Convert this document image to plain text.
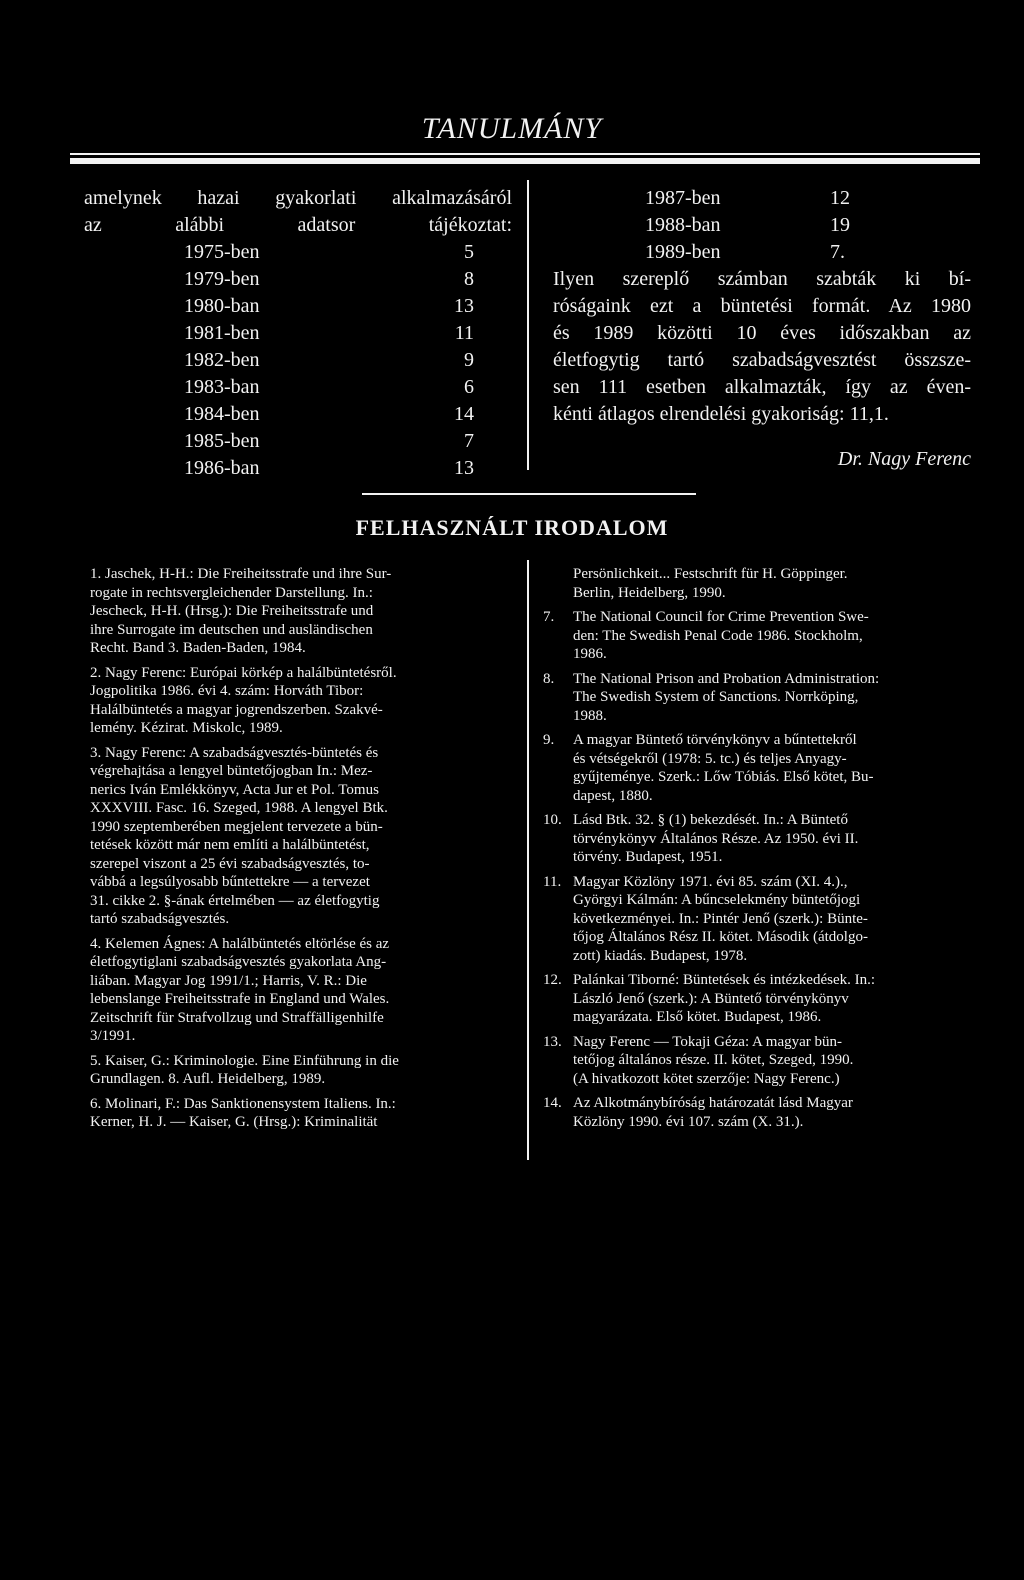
TANULMÁNY
amelynek hazai gyakorlati alkalmazásáról
az alábbi adatsor tájékoztat:
1975-ben	5
1979-ben	8
1980-ban	13
1981-ben	11
1982-ben	9
1983-ban	6
1984-ben	14
1985-ben	7
1986-ban	13
1987-ben	12
1988-ban	19
1989-ben	7.
Ilyen szereplő számban szabták ki bí-
róságaink ezt a büntetési formát. Az 1980
és 1989 közötti 10 éves időszakban az
életfogytig tartó szabadságvesztést összsze-
sen 111 esetben alkalmazták, így az éven-
kénti átlagos elrendelési gyakoriság: 11,1.
Dr. Nagy Ferenc
FELHASZNÁLT IRODALOM
1. Jaschek, H-H.: Die Freiheitsstrafe und ihre Sur-
rogate in rechtsvergleichender Darstellung. In.:
Jescheck, H-H. (Hrsg.): Die Freiheitsstrafe und
ihre Surrogate im deutschen und ausländischen
Recht. Band 3. Baden-Baden, 1984.
2. Nagy Ferenc: Európai körkép a halálbüntetésről.
Jogpolitika 1986. évi 4. szám: Horváth Tibor:
Halálbüntetés a magyar jogrendszerben. Szakvé-
lemény. Kézirat. Miskolc, 1989.
3. Nagy Ferenc: A szabadságvesztés-büntetés és
végrehajtása a lengyel büntetőjogban In.: Mez-
nerics Iván Emlékkönyv, Acta Jur et Pol. Tomus
XXXVIII. Fasc. 16. Szeged, 1988. A lengyel Btk.
1990 szeptemberében megjelent tervezete a bün-
tetések között már nem említi a halálbüntetést,
szerepel viszont a 25 évi szabadságvesztés, to-
vábbá a legsúlyosabb bűntettekre — a tervezet
31. cikke 2. §-ának értelmében — az életfogytig
tartó szabadságvesztés.
4. Kelemen Ágnes: A halálbüntetés eltörlése és az
életfogytiglani szabadságvesztés gyakorlata Ang-
liában. Magyar Jog 1991/1.; Harris, V. R.: Die
lebenslange Freiheitsstrafe in England und Wales.
Zeitschrift für Strafvollzug und Straffälligenhilfe
3/1991.
5. Kaiser, G.: Kriminologie. Eine Einführung in die
Grundlagen. 8. Aufl. Heidelberg, 1989.
6. Molinari, F.: Das Sanktionensystem Italiens. In.:
Kerner, H. J. — Kaiser, G. (Hrsg.): Kriminalität
Persönlichkeit... Festschrift für H. Göppinger.
Berlin, Heidelberg, 1990.
7.	The National Council for Crime Prevention Swe-
den: The Swedish Penal Code 1986. Stockholm,
1986.
8.	The National Prison and Probation Administration:
The Swedish System of Sanctions. Norrköping,
1988.
9.	A magyar Büntető törvénykönyv a bűntettekről
és vétségekről (1978: 5. tc.) és teljes Anyagy-
gyűjteménye. Szerk.: Lőw Tóbiás. Első kötet, Bu-
dapest, 1880.
10. Lásd Btk. 32. § (1) bekezdését. In.: A Büntető
törvénykönyv Általános Része. Az 1950. évi II.
törvény. Budapest, 1951.
11. Magyar Közlöny 1971. évi 85. szám (XI. 4.).,
Györgyi Kálmán: A bűncselekmény büntetőjogi
következményei. In.: Pintér Jenő (szerk.): Bünte-
tőjog Általános Rész II. kötet. Második (átdolgo-
zott) kiadás. Budapest, 1978.
12. Palánkai Tiborné: Büntetések és intézkedések. In.:
László Jenő (szerk.): A Büntető törvénykönyv
magyarázata. Első kötet. Budapest, 1986.
13. Nagy Ferenc — Tokaji Géza: A magyar bün-
tetőjog általános része. II. kötet, Szeged, 1990.
(A hivatkozott kötet szerzője: Nagy Ferenc.)
14. Az Alkotmánybíróság határozatát lásd Magyar
Közlöny 1990. évi 107. szám (X. 31.).
